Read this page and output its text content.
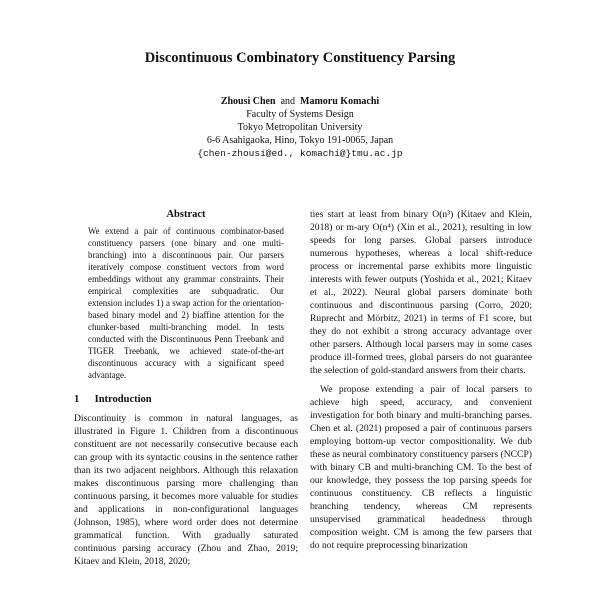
Discontinuous Combinatory Constituency Parsing
Zhousi Chen and Mamoru Komachi
Faculty of Systems Design
Tokyo Metropolitan University
6-6 Asahigaoka, Hino, Tokyo 191-0065, Japan
{chen-zhousi@ed., komachi@}tmu.ac.jp
Abstract

We extend a pair of continuous combinator-based constituency parsers (one binary and one multi-branching) into a discontinuous pair. Our parsers iteratively compose constituent vectors from word embeddings without any grammar constraints. Their empirical complexities are subquadratic. Our extension includes 1) a swap action for the orientation-based binary model and 2) biaffine attention for the chunker-based multi-branching model. In tests conducted with the Discontinuous Penn Treebank and TIGER Treebank, we achieved state-of-the-art discontinuous accuracy with a significant speed advantage.

1 Introduction

Discontinuity is common in natural languages, as illustrated in Figure 1. Children from a discontinuous constituent are not necessarily consecutive because each can group with its syntactic cousins in the sentence rather than its two adjacent neighbors. Although this relaxation makes discontinuous parsing more challenging than continuous parsing, it becomes more valuable for studies and applications in non-configurational languages (Johnson, 1985), where word order does not determine grammatical function. With gradually saturated continuous parsing accuracy (Zhou and Zhao, 2019; Kitaev and Klein, 2018, 2020;

ties start at least from binary O(n³) (Kitaev and Klein, 2018) or m-ary O(n⁴) (Xin et al., 2021), resulting in low speeds for long parses. Global parsers introduce numerous hypotheses, whereas a local shift-reduce process or incremental parse exhibits more linguistic interests with fewer outputs (Yoshida et al., 2021; Kitaev et al., 2022). Neural global parsers dominate both continuous and discontinuous parsing (Corro, 2020; Ruprecht and Mörbitz, 2021) in terms of F1 score, but they do not exhibit a strong accuracy advantage over other parsers. Although local parsers may in some cases produce ill-formed trees, global parsers do not guarantee the selection of gold-standard answers from their charts.

We propose extending a pair of local parsers to achieve high speed, accuracy, and convenient investigation for both binary and multi-branching parses. Chen et al. (2021) proposed a pair of continuous parsers employing bottom-up vector compositionality. We dub these as neural combinatory constituency parsers (NCCP) with binary CB and multi-branching CM. To the best of our knowledge, they possess the top parsing speeds for continuous constituency. CB reflects a linguistic branching tendency, whereas CM represents unsupervised grammatical headedness through composition weight. CM is among the few parsers that do not require preprocessing binarization
